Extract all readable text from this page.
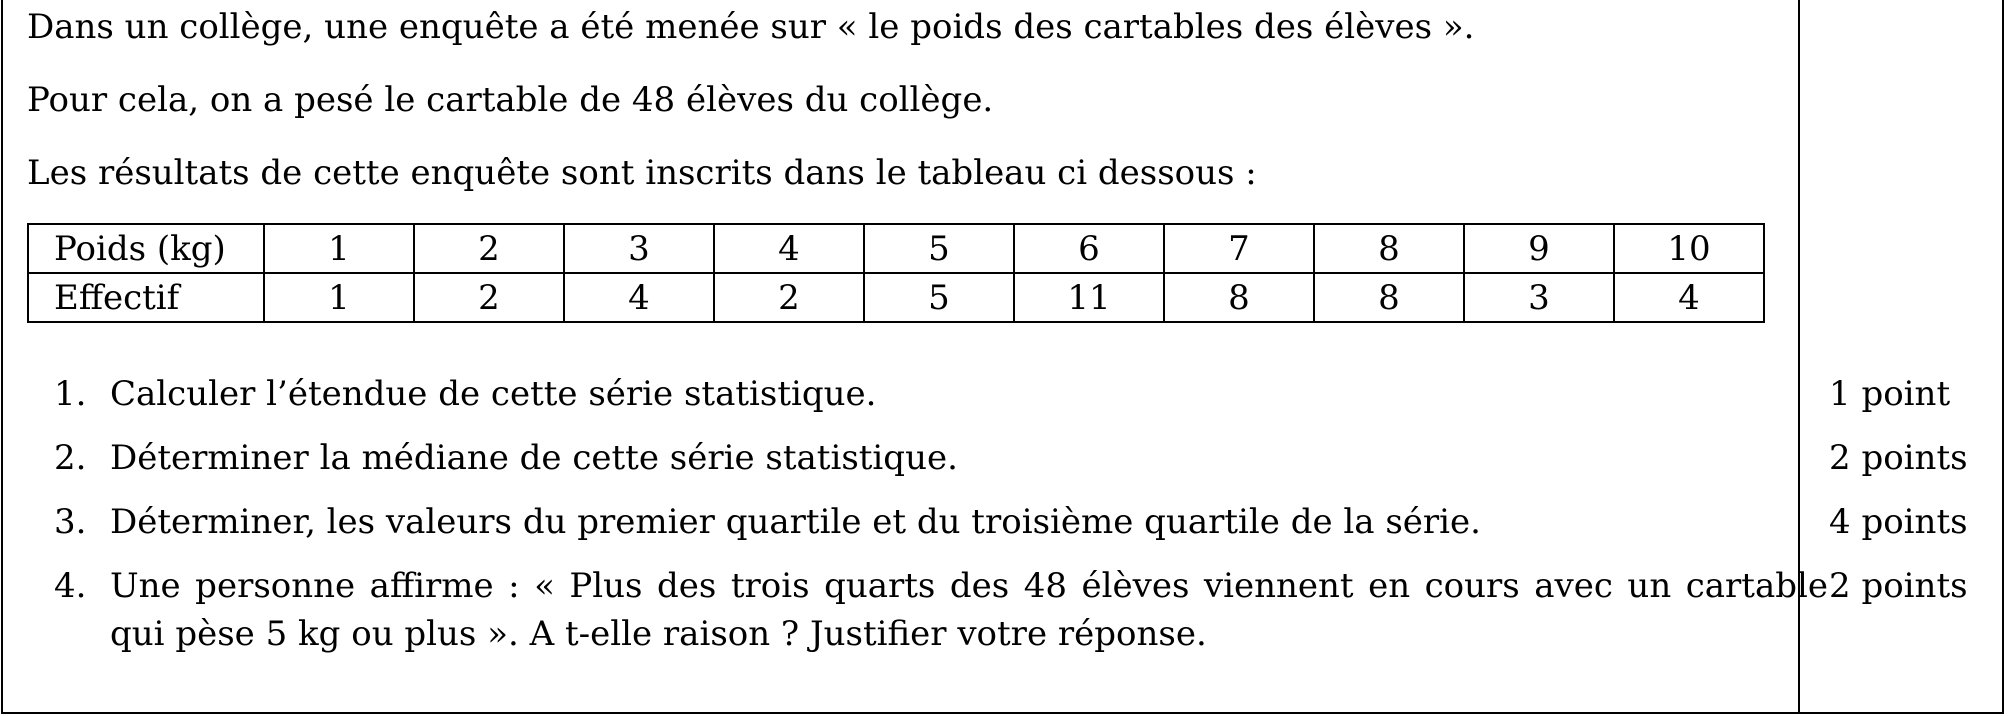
Dans un collège, une enquête a été menée sur « le poids des cartables des élèves ».
Pour cela, on a pesé le cartable de 48 élèves du collège.
Les résultats de cette enquête sont inscrits dans le tableau ci dessous :
Poids (kg)	1	2	3	4	5	6	7	8	9	10
Effectif	1	2	4	2	5	11	8	8	3	4
1. Calculer l’étendue de cette série statistique.
2. Déterminer la médiane de cette série statistique.
3. Déterminer, les valeurs du premier quartile et du troisième quartile de la série.
4. Une personne affirme : « Plus des trois quarts des 48 élèves viennent en cours avec un cartable qui pèse 5 kg ou plus ». A t-elle raison ? Justifier votre réponse.
1 point
2 points
4 points
2 points
